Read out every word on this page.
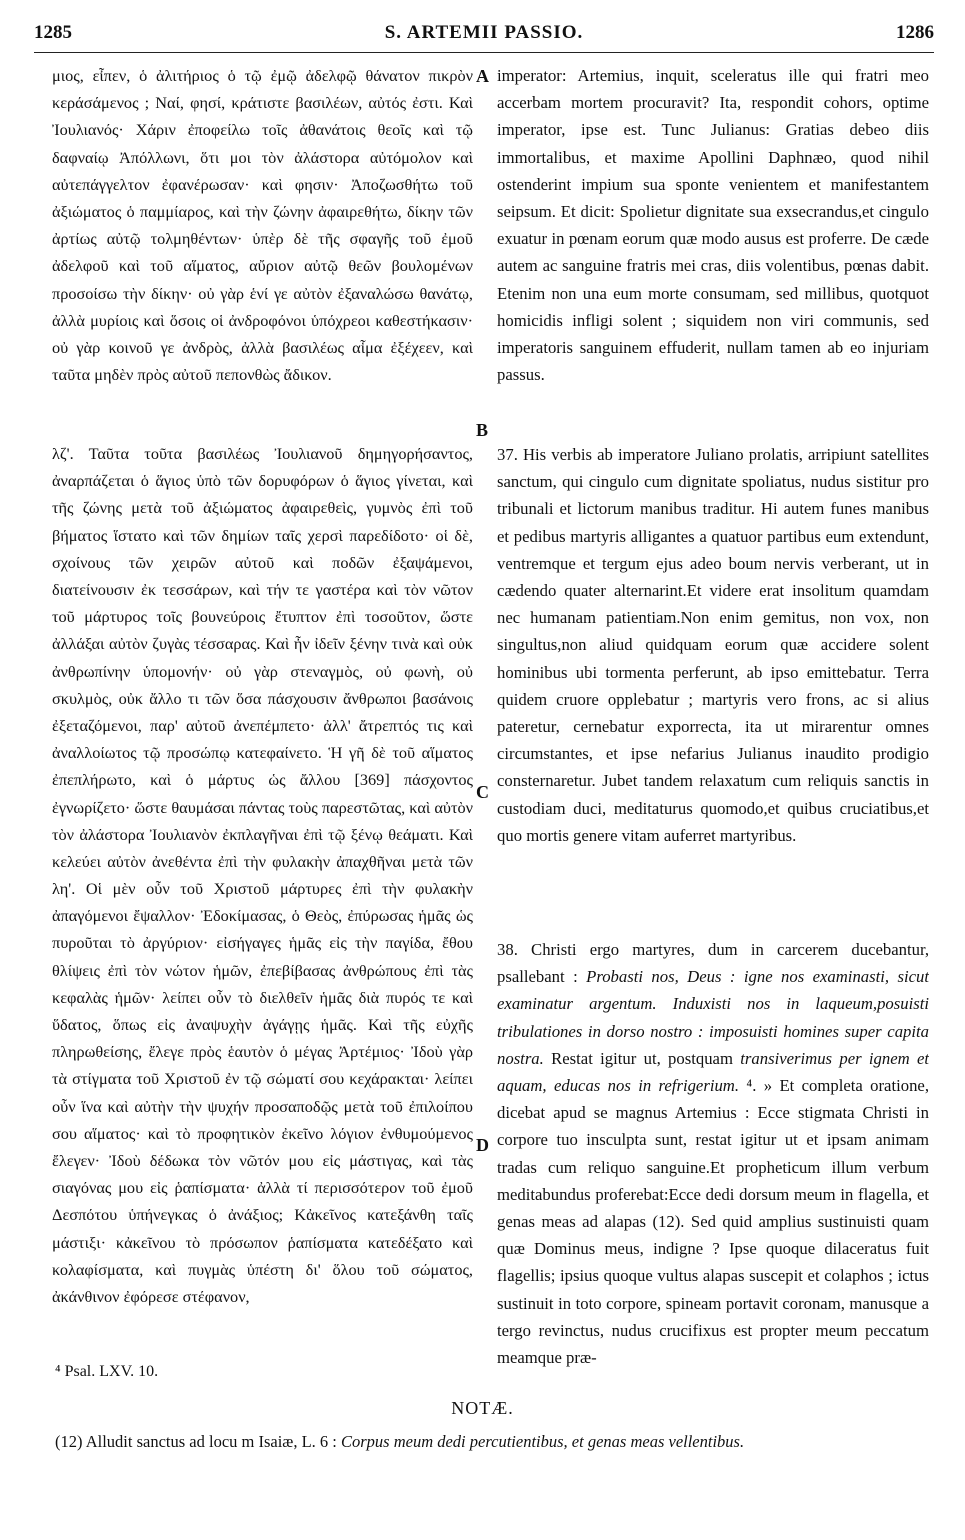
1285	S. ARTEMII PASSIO.	1286

μιος, εἶπεν, ὁ ἀλιτήριος ὁ τῷ ἐμῷ ἀδελφῷ θάνατον πικρὸν κεράσάμενος ; Ναί, φησί, κράτιστε βασιλέων, αὐτός ἐστι. Καὶ Ἰουλιανός· Χάριν ἐποφείλω τοῖς ἀθανάτοις θεοῖς καὶ τῷ δαφναίῳ Ἀπόλλωνι, ὅτι μοι τὸν ἀλάστορα αὐτόμολον καὶ αὐτεπάγγελτον ἐφανέρωσαν· καὶ φησιν· Ἀποζωσθήτω τοῦ ἀξιώματος ὁ παμμίαρος, καὶ τὴν ζώνην ἀφαιρεθήτω, δίκην τῶν ἀρτίως αὐτῷ τολμηθέντων· ὑπὲρ δὲ τῆς σφαγῆς τοῦ ἐμοῦ ἀδελφοῦ καὶ τοῦ αἵματος, αὔριον αὐτῷ θεῶν βουλομένων προσοίσω τὴν δίκην· οὐ γὰρ ἑνί γε αὐτὸν ἐξαναλώσω θανάτῳ, ἀλλὰ μυρίοις καὶ ὅσοις οἱ ἀνδροφόνοι ὑπόχρεοι καθεστήκασιν· οὐ γὰρ κοινοῦ γε ἀνδρὸς, ἀλλὰ βασιλέως αἷμα ἐξέχεεν, καὶ ταῦτα μηδὲν πρὸς αὐτοῦ πεπονθὼς ἄδικον.

λζ'. Ταῦτα τοῦτα βασιλέως Ἰουλιανοῦ δημηγορήσαντος, ἀναρπάζεται ὁ ἅγιος ὑπὸ τῶν δορυφόρων ὁ ἅγιος γίνεται, καὶ τῆς ζώνης μετὰ τοῦ ἀξιώματος ἀφαιρεθεὶς, γυμνὸς ἐπὶ τοῦ βήματος ἵστατο καὶ τῶν δημίων ταῖς χερσὶ παρεδίδοτο· οἱ δὲ, σχοίνους τῶν χειρῶν αὐτοῦ καὶ ποδῶν ἐξαψάμενοι, διατείνουσιν ἐκ τεσσάρων, καὶ τήν τε γαστέρα καὶ τὸν νῶτον τοῦ μάρτυρος τοῖς βουνεύροις ἔτυπτον ἐπὶ τοσοῦτον, ὥστε ἀλλάξαι αὐτὸν ζυγὰς τέσσαρας. Καὶ ἦν ἰδεῖν ξένην τινὰ καὶ οὐκ ἀνθρωπίνην ὑπομονήν· οὐ γὰρ στεναγμὸς, οὐ φωνὴ, οὐ σκυλμὸς, οὐκ ἄλλο τι τῶν ὅσα πάσχουσιν ἄνθρωποι βασάνοις ἐξεταζόμενοι, παρ' αὐτοῦ ἀνεπέμπετο· ἀλλ' ἄτρεπτός τις καὶ ἀναλλοίωτος τῷ προσώπῳ κατεφαίνετο. Ἡ γῆ δὲ τοῦ αἵματος ἐπεπλήρωτο, καὶ ὁ μάρτυς ὡς ἄλλου [369] πάσχοντος ἐγνωρίζετο· ὥστε θαυμάσαι πάντας τοὺς παρεστῶτας, καὶ αὐτὸν τὸν ἀλάστορα Ἰουλιανὸν ἐκπλαγῆναι ἐπὶ τῷ ξένῳ θεάματι. Καὶ κελεύει αὐτὸν ἀνεθέντα ἐπὶ τὴν φυλακὴν ἀπαχθῆναι μετὰ τῶν

λη'. Οἱ μὲν οὖν τοῦ Χριστοῦ μάρτυρες ἐπὶ τὴν φυλακὴν ἀπαγόμενοι ἔψαλλον· Ἐδοκίμασας, ὁ Θεὸς, ἐπύρωσας ἡμᾶς ὡς πυροῦται τὸ ἀργύριον· εἰσήγαγες ἡμᾶς εἰς τὴν παγίδα, ἔθου θλίψεις ἐπὶ τὸν νώτον ἡμῶν, ἐπεβίβασας ἀνθρώπους ἐπὶ τὰς κεφαλὰς ἡμῶν· λείπει οὖν τὸ διελθεῖν ἡμᾶς διὰ πυρός τε καὶ ὕδατος, ὅπως εἰς ἀναψυχὴν ἀγάγῃς ἡμᾶς. Καὶ τῆς εὐχῆς πληρωθείσης, ἔλεγε πρὸς ἑαυτὸν ὁ μέγας Ἀρτέμιος· Ἰδοὺ γὰρ τὰ στίγματα τοῦ Χριστοῦ ἐν τῷ σώματί σου κεχάρακται· λείπει οὖν ἵνα καὶ αὐτὴν τὴν ψυχήν προσαποδῷς μετὰ τοῦ ἐπιλοίπου σου αἵματος· καὶ τὸ προφητικὸν ἐκεῖνο λόγιον ἐνθυμούμενος ἔλεγεν· Ἰδοὺ δέδωκα τὸν νῶτόν μου εἰς μάστιγας, καὶ τὰς σιαγόνας μου εἰς ῥαπίσματα· ἀλλὰ τί περισσότερον τοῦ ἐμοῦ Δεσπότου ὑπήνεγκας ὁ ἀνάξιος; Κἀκεῖνος κατεξάνθη ταῖς μάστιξι· κἀκεῖνου τὸ πρόσωπον ῥαπίσματα κατεδέξατο καὶ κολαφίσματα, καὶ πυγμὰς ὑπέστη δι' ὅλου τοῦ σώματος, ἀκάνθινον ἐφόρεσε στέφανον,

A
B
C
D

imperator: Artemius, inquit, sceleratus ille qui fratri meo accerbam mortem procuravit? Ita, respondit cohors, optime imperator, ipse est. Tunc Julianus: Gratias debeo diis immortalibus, et maxime Apollini Daphnæo, quod nihil ostenderint impium sua sponte venientem et manifestantem seipsum. Et dicit: Spolietur dignitate sua exsecrandus,et cingulo exuatur in pœnam eorum quæ modo ausus est proferre. De cæde autem ac sanguine fratris mei cras, diis volentibus, pœnas dabit. Etenim non una eum morte consumam, sed millibus, quotquot homicidis infligi solent ; siquidem non viri communis, sed imperatoris sanguinem effuderit, nullam tamen ab eo injuriam passus.

37. His verbis ab imperatore Juliano prolatis, arripiunt satellites sanctum, qui cingulo cum dignitate spoliatus, nudus sistitur pro tribunali et lictorum manibus traditur. Hi autem funes manibus et pedibus martyris alligantes a quatuor partibus eum extendunt, ventremque et tergum ejus adeo boum nervis verberant, ut in cædendo quater alternarint.Et videre erat insolitum quamdam nec humanam patientiam.Non enim gemitus, non vox, non singultus,non aliud quidquam eorum quæ accidere solent hominibus ubi tormenta perferunt, ab ipso emittebatur. Terra quidem cruore opplebatur ; martyris vero frons, ac si alius pateretur, cernebatur exporrecta, ita ut mirarentur omnes circumstantes, et ipse nefarius Julianus inaudito prodigio consternaretur. Jubet tandem relaxatum cum reliquis sanctis in custodiam duci, meditaturus quomodo,et quibus cruciatibus,et quo mortis genere vitam auferret martyribus.

38. Christi ergo martyres, dum in carcerem ducebantur, psallebant : Probasti nos, Deus : igne nos examinasti, sicut examinatur argentum. Induxisti nos in laqueum,posuisti tribulationes in dorso nostro : imposuisti homines super capita nostra. Restat igitur ut, postquam transiverimus per ignem et aquam, educas nos in refrigerium. ⁴. » Et completa oratione, dicebat apud se magnus Artemius : Ecce stigmata Christi in corpore tuo insculpta sunt, restat igitur ut et ipsam animam tradas cum reliquo sanguine.Et propheticum illum verbum meditabundus proferebat:Ecce dedi dorsum meum in flagella, et genas meas ad alapas (12). Sed quid amplius sustinuisti quam quæ Dominus meus, indigne ? Ipse quoque dilaceratus fuit flagellis; ipsius quoque vultus alapas suscepit et colaphos ; ictus sustinuit in toto corpore, spineam portavit coronam, manusque a tergo revinctus, nudus crucifixus est propter meum peccatum meamque præ-

⁴ Psal. LXV. 10.
NOTÆ.
(12) Alludit sanctus ad locu m Isaiæ, L. 6 : Corpus meum dedi percutientibus, et genas meas vellentibus.
